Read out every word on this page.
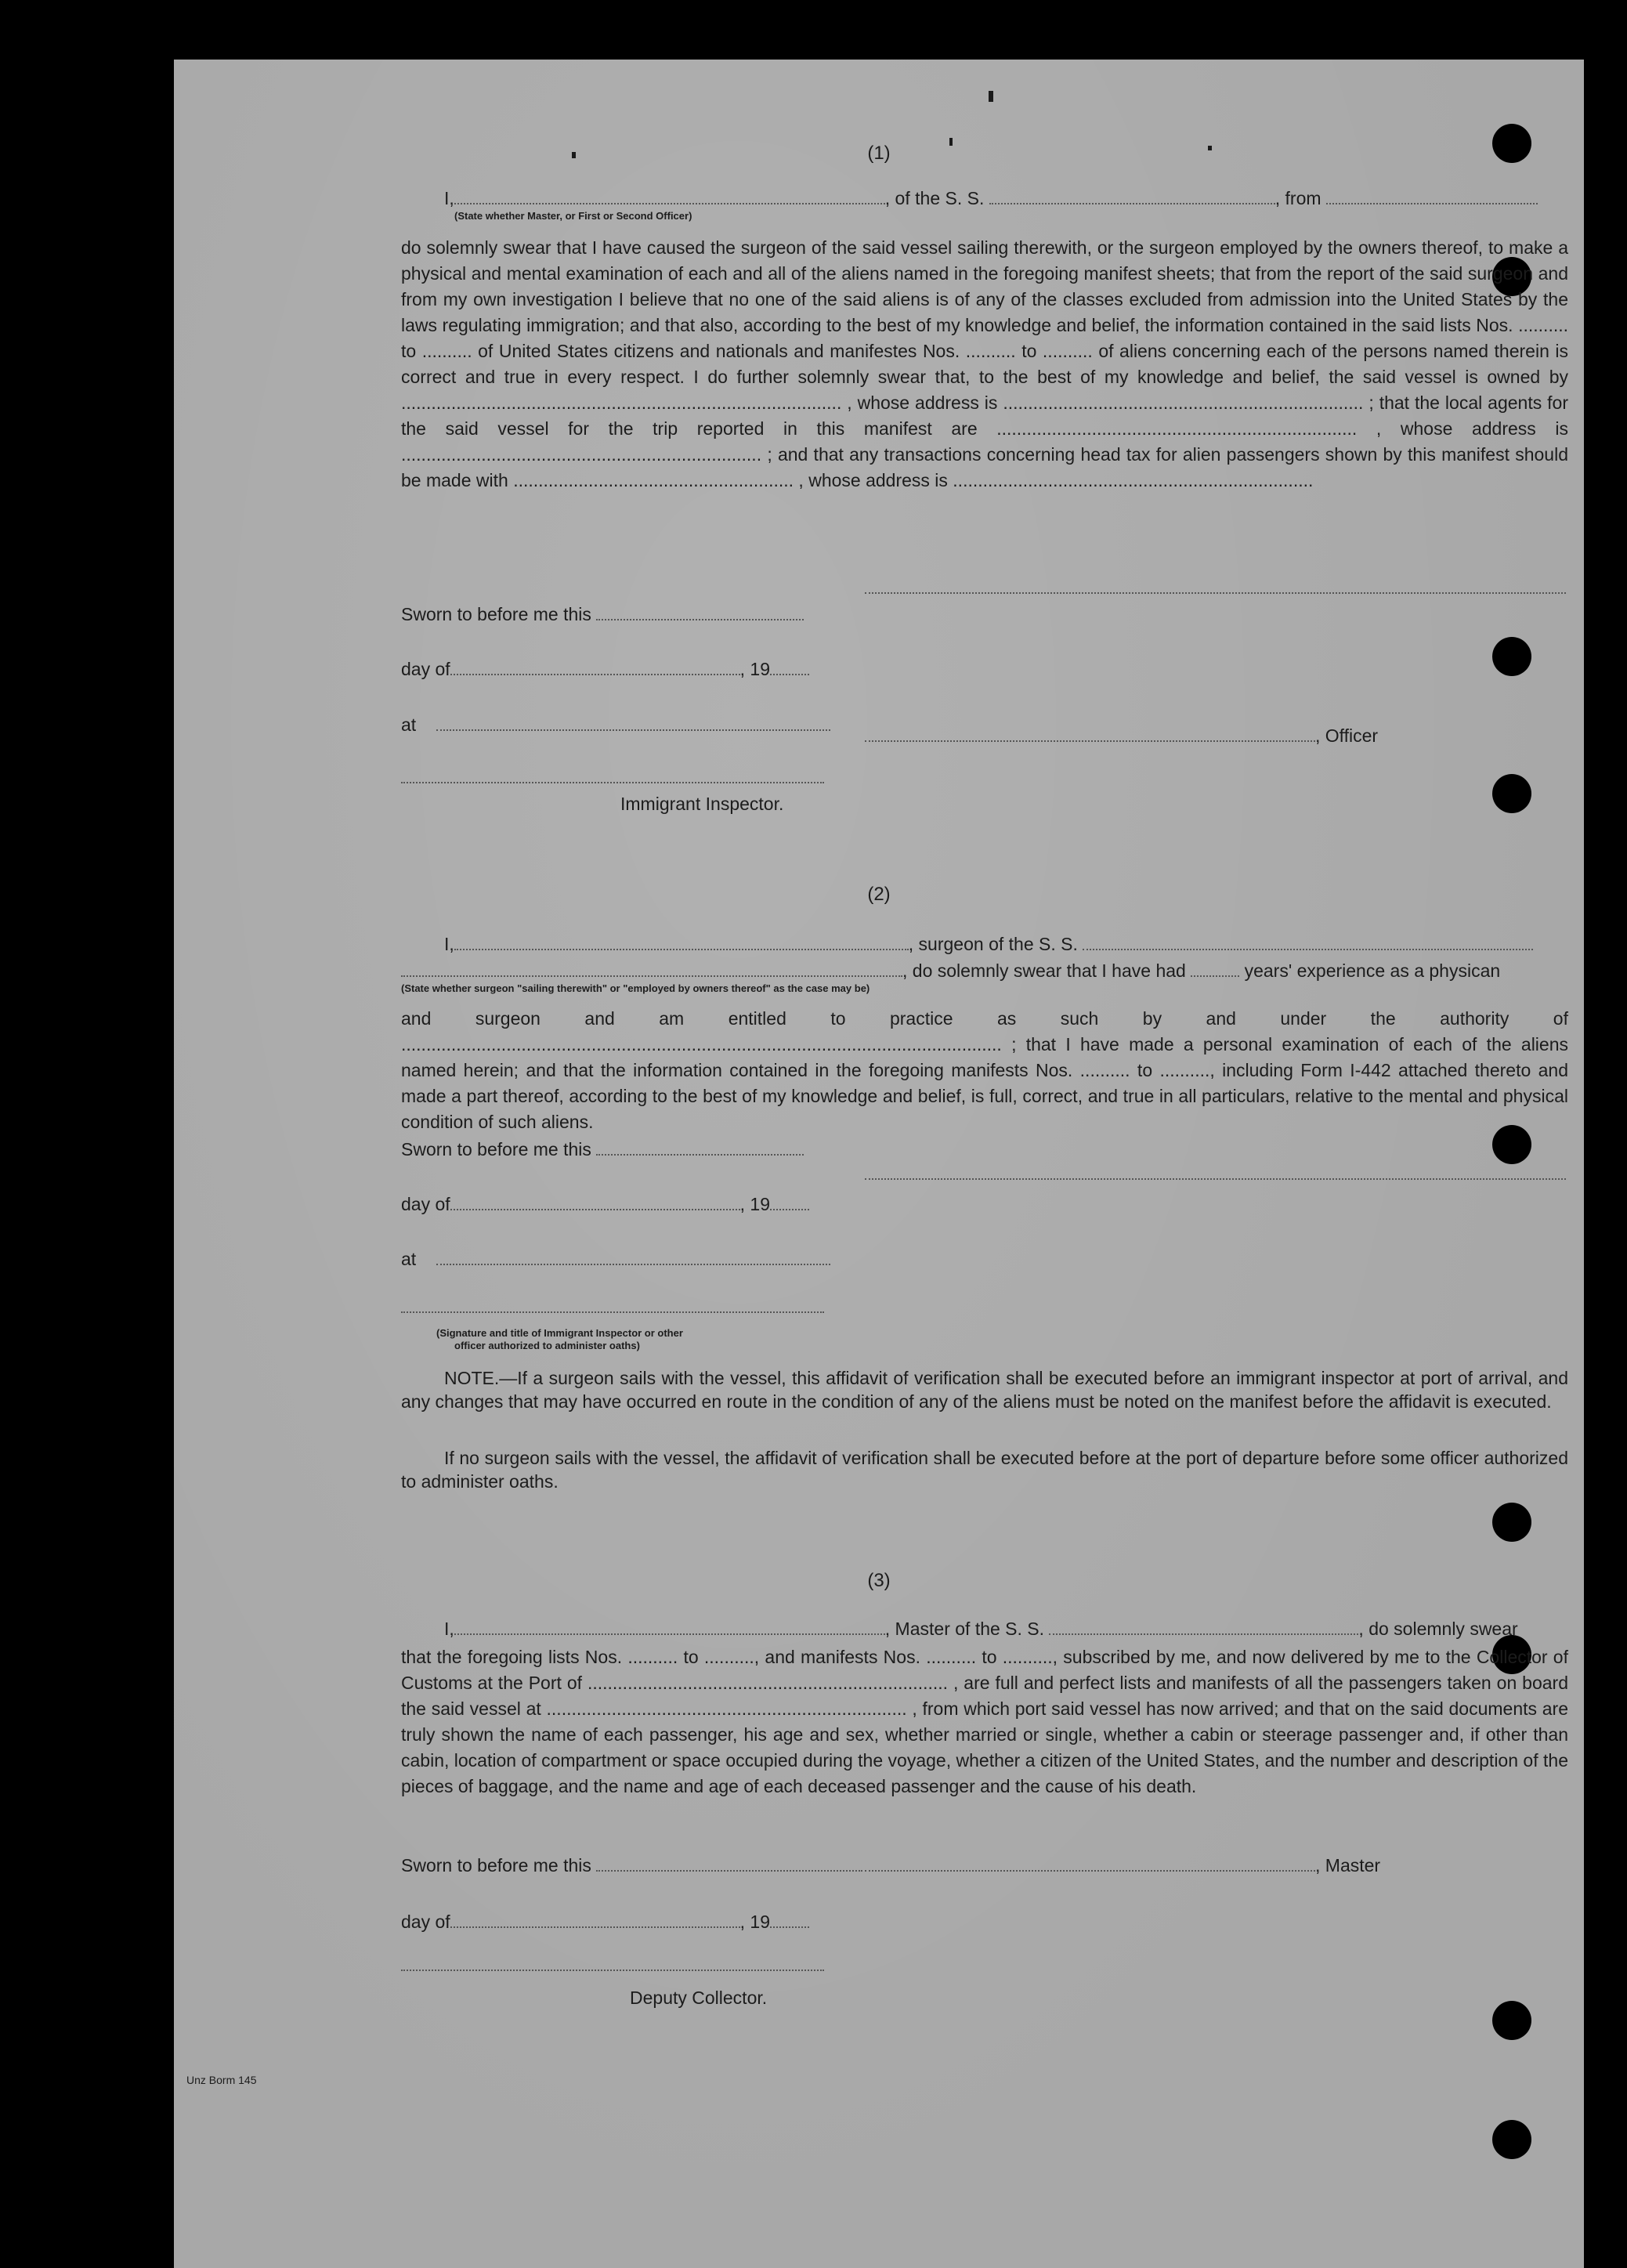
(1)
I,	, of the S. S.	, from
(State whether Master, or First or Second Officer)
do solemnly swear that I have caused the surgeon of the said vessel sailing therewith, or the surgeon employed by the owners thereof, to make a physical and mental examination of each and all of the aliens named in the foregoing manifest sheets; that from the report of the said surgeon and from my own investigation I believe that no one of the said aliens is of any of the classes excluded from admission into the United States by the laws regulating immigration; and that also, according to the best of my knowledge and belief, the information contained in the said lists Nos. .......... to .......... of United States citizens and nationals and manifestes Nos. .......... to .......... of aliens concerning each of the persons named therein is correct and true in every respect. I do further solemnly swear that, to the best of my knowledge and belief, the said vessel is owned by ........................................................................................ , whose address is ........................................................................ ; that the local agents for the said vessel for the trip reported in this manifest are ........................................................................ , whose address is ........................................................................ ; and that any transactions concerning head tax for alien passengers shown by this manifest should be made with ........................................................ , whose address is ........................................................................
Sworn to before me this
day of	, 19
at
, Officer
Immigrant Inspector.
(2)
I,	, surgeon of the S. S.
, do solemnly swear that I have had	years' experience as a physican
(State whether surgeon "sailing therewith" or "employed by owners thereof" as the case may be)
and surgeon and am entitled to practice as such by and under the authority of ........................................................................................................................ ; that I have made a personal examination of each of the aliens named herein; and that the information contained in the foregoing manifests Nos. .......... to .........., including Form I-442 attached thereto and made a part thereof, according to the best of my knowledge and belief, is full, correct, and true in all particulars, relative to the mental and physical condition of such aliens.
Sworn to before me this
day of	, 19
at
(Signature and title of Immigrant Inspector or other
officer authorized to administer oaths)
NOTE.—If a surgeon sails with the vessel, this affidavit of verification shall be executed before an immigrant inspector at port of arrival, and any changes that may have occurred en route in the condition of any of the aliens must be noted on the manifest before the affidavit is executed.
If no surgeon sails with the vessel, the affidavit of verification shall be executed before at the port of departure before some officer authorized to administer oaths.
(3)
I,	, Master of the S. S.	, do solemnly swear
that the foregoing lists Nos. .......... to .........., and manifests Nos. .......... to .........., subscribed by me, and now delivered by me to the Collector of Customs at the Port of ........................................................................ , are full and perfect lists and manifests of all the passengers taken on board the said vessel at ........................................................................ , from which port said vessel has now arrived; and that on the said documents are truly shown the name of each passenger, his age and sex, whether married or single, whether a cabin or steerage passenger and, if other than cabin, location of compartment or space occupied during the voyage, whether a citizen of the United States, and the number and description of the pieces of baggage, and the name and age of each deceased passenger and the cause of his death.
Sworn to before me this	, Master
day of	, 19
Deputy Collector.
Unz Borm 145
